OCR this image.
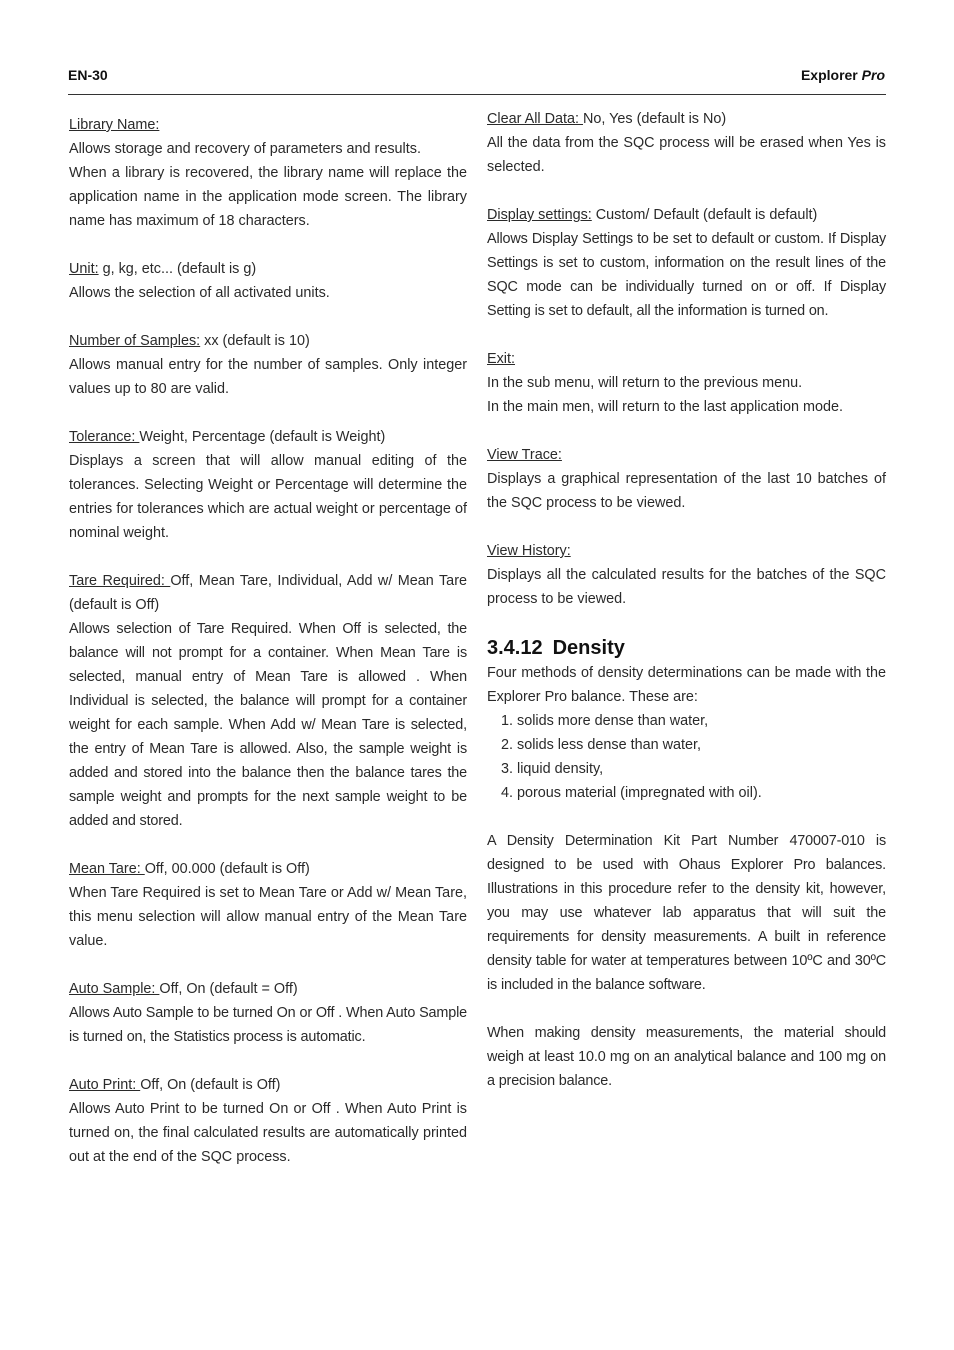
EN-30	Explorer Pro

Library Name:

Allows storage and recovery of parameters and results.

When a library is recovered, the library name will replace the application name in the application mode screen. The library name has maximum of 18 characters.

Unit: g, kg, etc... (default is g)

Allows the selection of all activated units.

Number of Samples: xx (default is 10)

Allows manual entry for the number of samples. Only integer values up to 80 are valid.

Tolerance: Weight, Percentage (default is Weight)

Displays a screen that will allow manual editing of the tolerances. Selecting Weight or Percentage will determine the entries for tolerances which are actual weight or percentage of nominal weight.

Tare Required: Off, Mean Tare, Individual, Add w/ Mean Tare (default is Off)

Allows selection of Tare Required. When Off is selected, the balance will not prompt for a container. When Mean Tare is selected, manual entry of Mean Tare is allowed . When Individual is selected, the balance will prompt for a container weight for each sample. When Add w/ Mean Tare is selected, the entry of Mean Tare is allowed. Also, the sample weight is added and stored into the balance then the balance tares the sample weight and prompts for the next sample weight to be added and stored.

Mean Tare: Off, 00.000 (default is Off)

When Tare Required is set to Mean Tare or Add w/ Mean Tare, this menu selection will allow manual entry of the Mean Tare value.

Auto Sample: Off, On (default = Off)

Allows Auto Sample to be turned On or Off . When Auto Sample is turned on, the Statistics process is automatic.

Auto Print: Off, On (default is Off)

Allows Auto Print to be turned On or Off . When Auto Print is turned on, the final calculated results are automatically printed out at the end of the SQC process.

Clear All Data: No, Yes (default is No)

All the data from the SQC process will be erased when Yes is selected.

Display settings: Custom/ Default (default is default)

Allows Display Settings to be set to default or custom. If Display Settings is set to custom, information on the result lines of the SQC mode can be individually turned on or off. If Display Setting is set to default, all the information is turned on.

Exit:

In the sub menu, will return to the previous menu.

In the main men, will return to the last application mode.

View Trace:

Displays a graphical representation of the last 10 batches of the SQC process to be viewed.

View History:

Displays all the calculated results for the batches of the SQC process to be viewed.

3.4.12 Density

Four methods of density determinations can be made with the Explorer Pro balance. These are:

1. solids more dense than water,
2. solids less dense than water,
3. liquid density,
4. porous material (impregnated with oil).

A Density Determination Kit Part Number 470007-010 is designed to be used with Ohaus Explorer Pro balances. Illustrations in this procedure refer to the density kit, however, you may use whatever lab apparatus that will suit the requirements for density measurements. A built in reference density table for water at temperatures between 10ºC and 30ºC is included in the balance software.

When making density measurements, the material should weigh at least 10.0 mg on an analytical balance and 100 mg on a precision balance.
